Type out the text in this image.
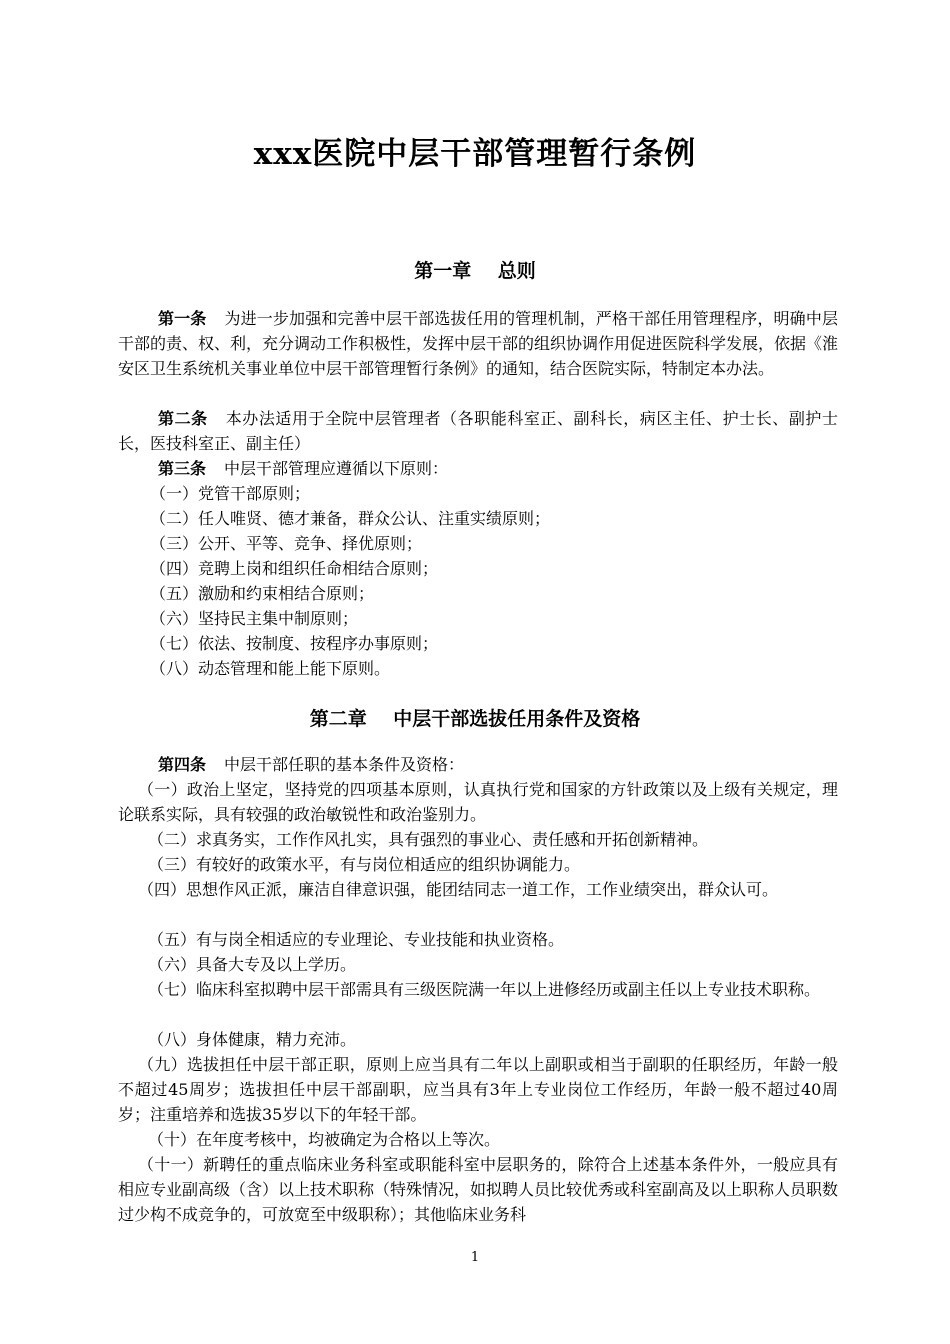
xxx医院中层干部管理暂行条例
第一章    总则
第一条 为进一步加强和完善中层干部选拔任用的管理机制，严格干部任用管理程序，明确中层干部的责、权、利，充分调动工作积极性，发挥中层干部的组织协调作用促进医院科学发展，依据《淮安区卫生系统机关事业单位中层干部管理暂行条例》的通知，结合医院实际，特制定本办法。
第二条 本办法适用于全院中层管理者（各职能科室正、副科长，病区主任、护士长、副护士长，医技科室正、副主任）
第三条 中层干部管理应遵循以下原则：
（一）党管干部原则；
（二）任人唯贤、德才兼备，群众公认、注重实绩原则；
（三）公开、平等、竞争、择优原则；
（四）竞聘上岗和组织任命相结合原则；
（五）激励和约束相结合原则；
（六）坚持民主集中制原则；
（七）依法、按制度、按程序办事原则；
（八）动态管理和能上能下原则。
第二章    中层干部选拔任用条件及资格
第四条 中层干部任职的基本条件及资格：
（一）政治上坚定，坚持党的四项基本原则，认真执行党和国家的方针政策以及上级有关规定，理论联系实际，具有较强的政治敏锐性和政治鉴别力。
（二）求真务实，工作作风扎实，具有强烈的事业心、责任感和开拓创新精神。
（三）有较好的政策水平，有与岗位相适应的组织协调能力。
（四）思想作风正派，廉洁自律意识强，能团结同志一道工作，工作业绩突出，群众认可。
（五）有与岗全相适应的专业理论、专业技能和执业资格。
（六）具备大专及以上学历。
（七）临床科室拟聘中层干部需具有三级医院满一年以上进修经历或副主任以上专业技术职称。
（八）身体健康，精力充沛。
（九）选拔担任中层干部正职，原则上应当具有二年以上副职或相当于副职的任职经历，年龄一般不超过45周岁；选拔担任中层干部副职，应当具有3年上专业岗位工作经历，年龄一般不超过40周岁；注重培养和选拔35岁以下的年轻干部。
（十）在年度考核中，均被确定为合格以上等次。
（十一）新聘任的重点临床业务科室或职能科室中层职务的，除符合上述基本条件外，一般应具有相应专业副高级（含）以上技术职称（特殊情况，如拟聘人员比较优秀或科室副高及以上职称人员职数过少构不成竞争的，可放宽至中级职称）；其他临床业务科
1
